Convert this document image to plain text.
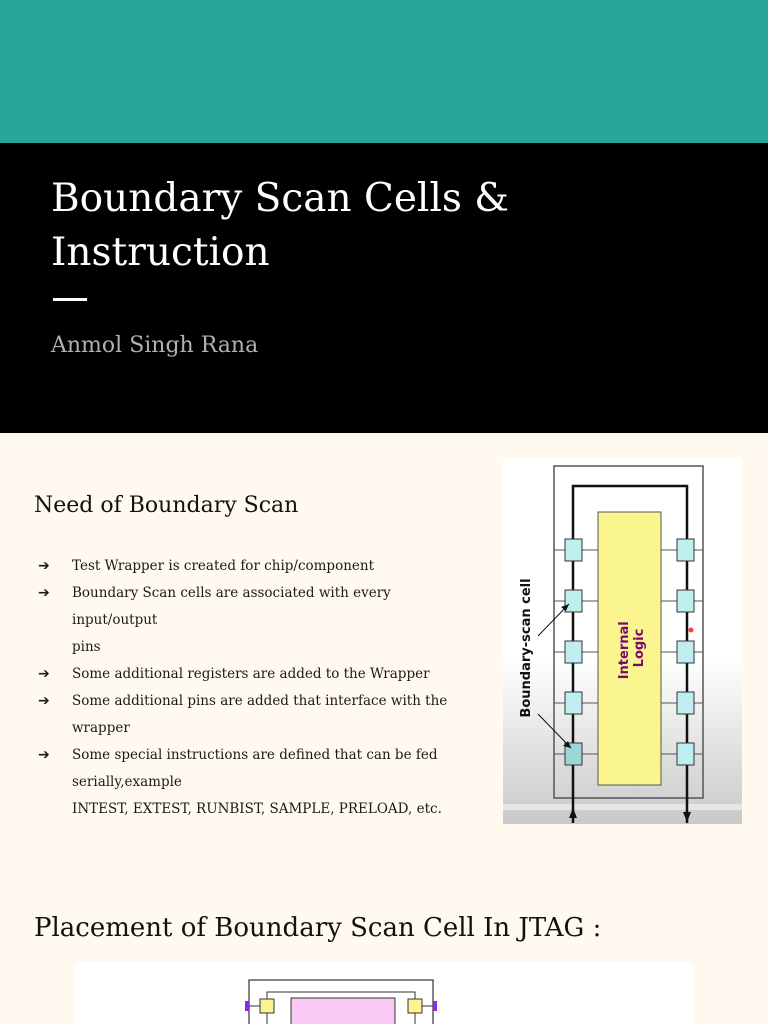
Boundary Scan Cells &
Instruction
Anmol Singh Rana
Need of Boundary Scan
➔ Test Wrapper is created for chip/component
➔ Boundary Scan cells are associated with every input/output
pins
➔ Some additional registers are added to the Wrapper
➔ Some additional pins are added that interface with the
wrapper
➔ Some special instructions are defined that can be fed
serially,example
INTEST, EXTEST, RUNBIST, SAMPLE, PRELOAD, etc.
Internal Logic
Boundary-scan cell
Placement of Boundary Scan Cell In JTAG :
